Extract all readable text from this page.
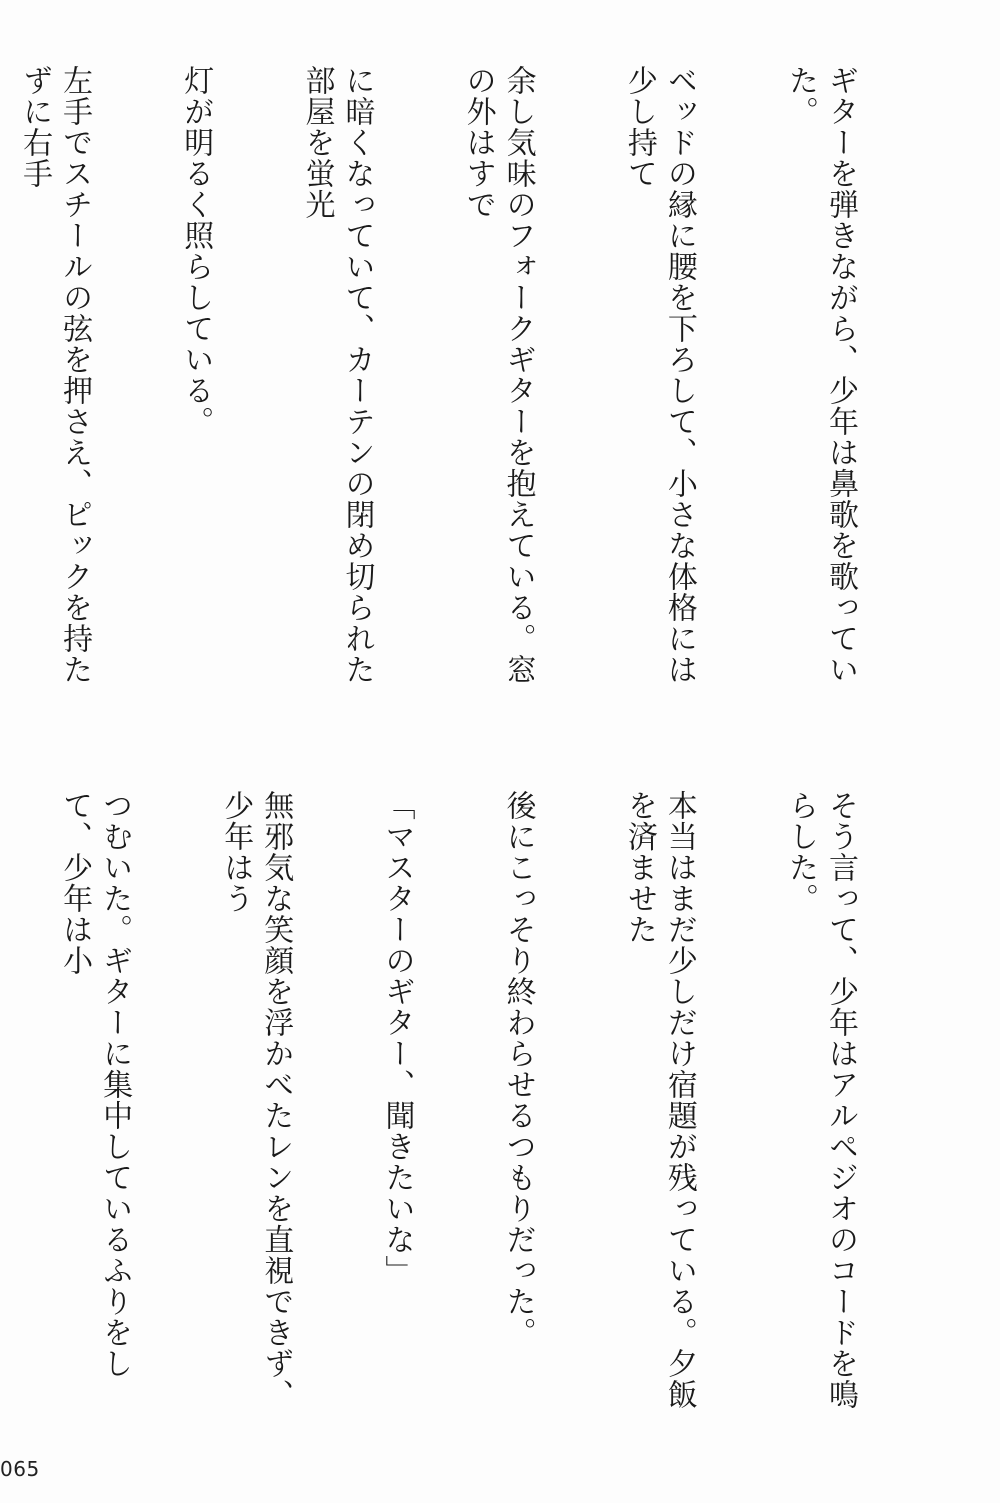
ギターを弾きながら、少年は鼻歌を歌っていた。

ベッドの縁に腰を下ろして、小さな体格には少し持て

余し気味のフォークギターを抱えている。窓の外はすで

に暗くなっていて、カーテンの閉め切られた部屋を蛍光

灯が明るく照らしている。

左手でスチールの弦を押さえ、ピックを持たずに右手

そう言って、少年はアルペジオのコードを鳴らした。

本当はまだ少しだけ宿題が残っている。夕飯を済ませた

後にこっそり終わらせるつもりだった。

「マスターのギター、聞きたいな」

無邪気な笑顔を浮かべたレンを直視できず、少年はう

つむいた。ギターに集中しているふりをして、少年は小

065
